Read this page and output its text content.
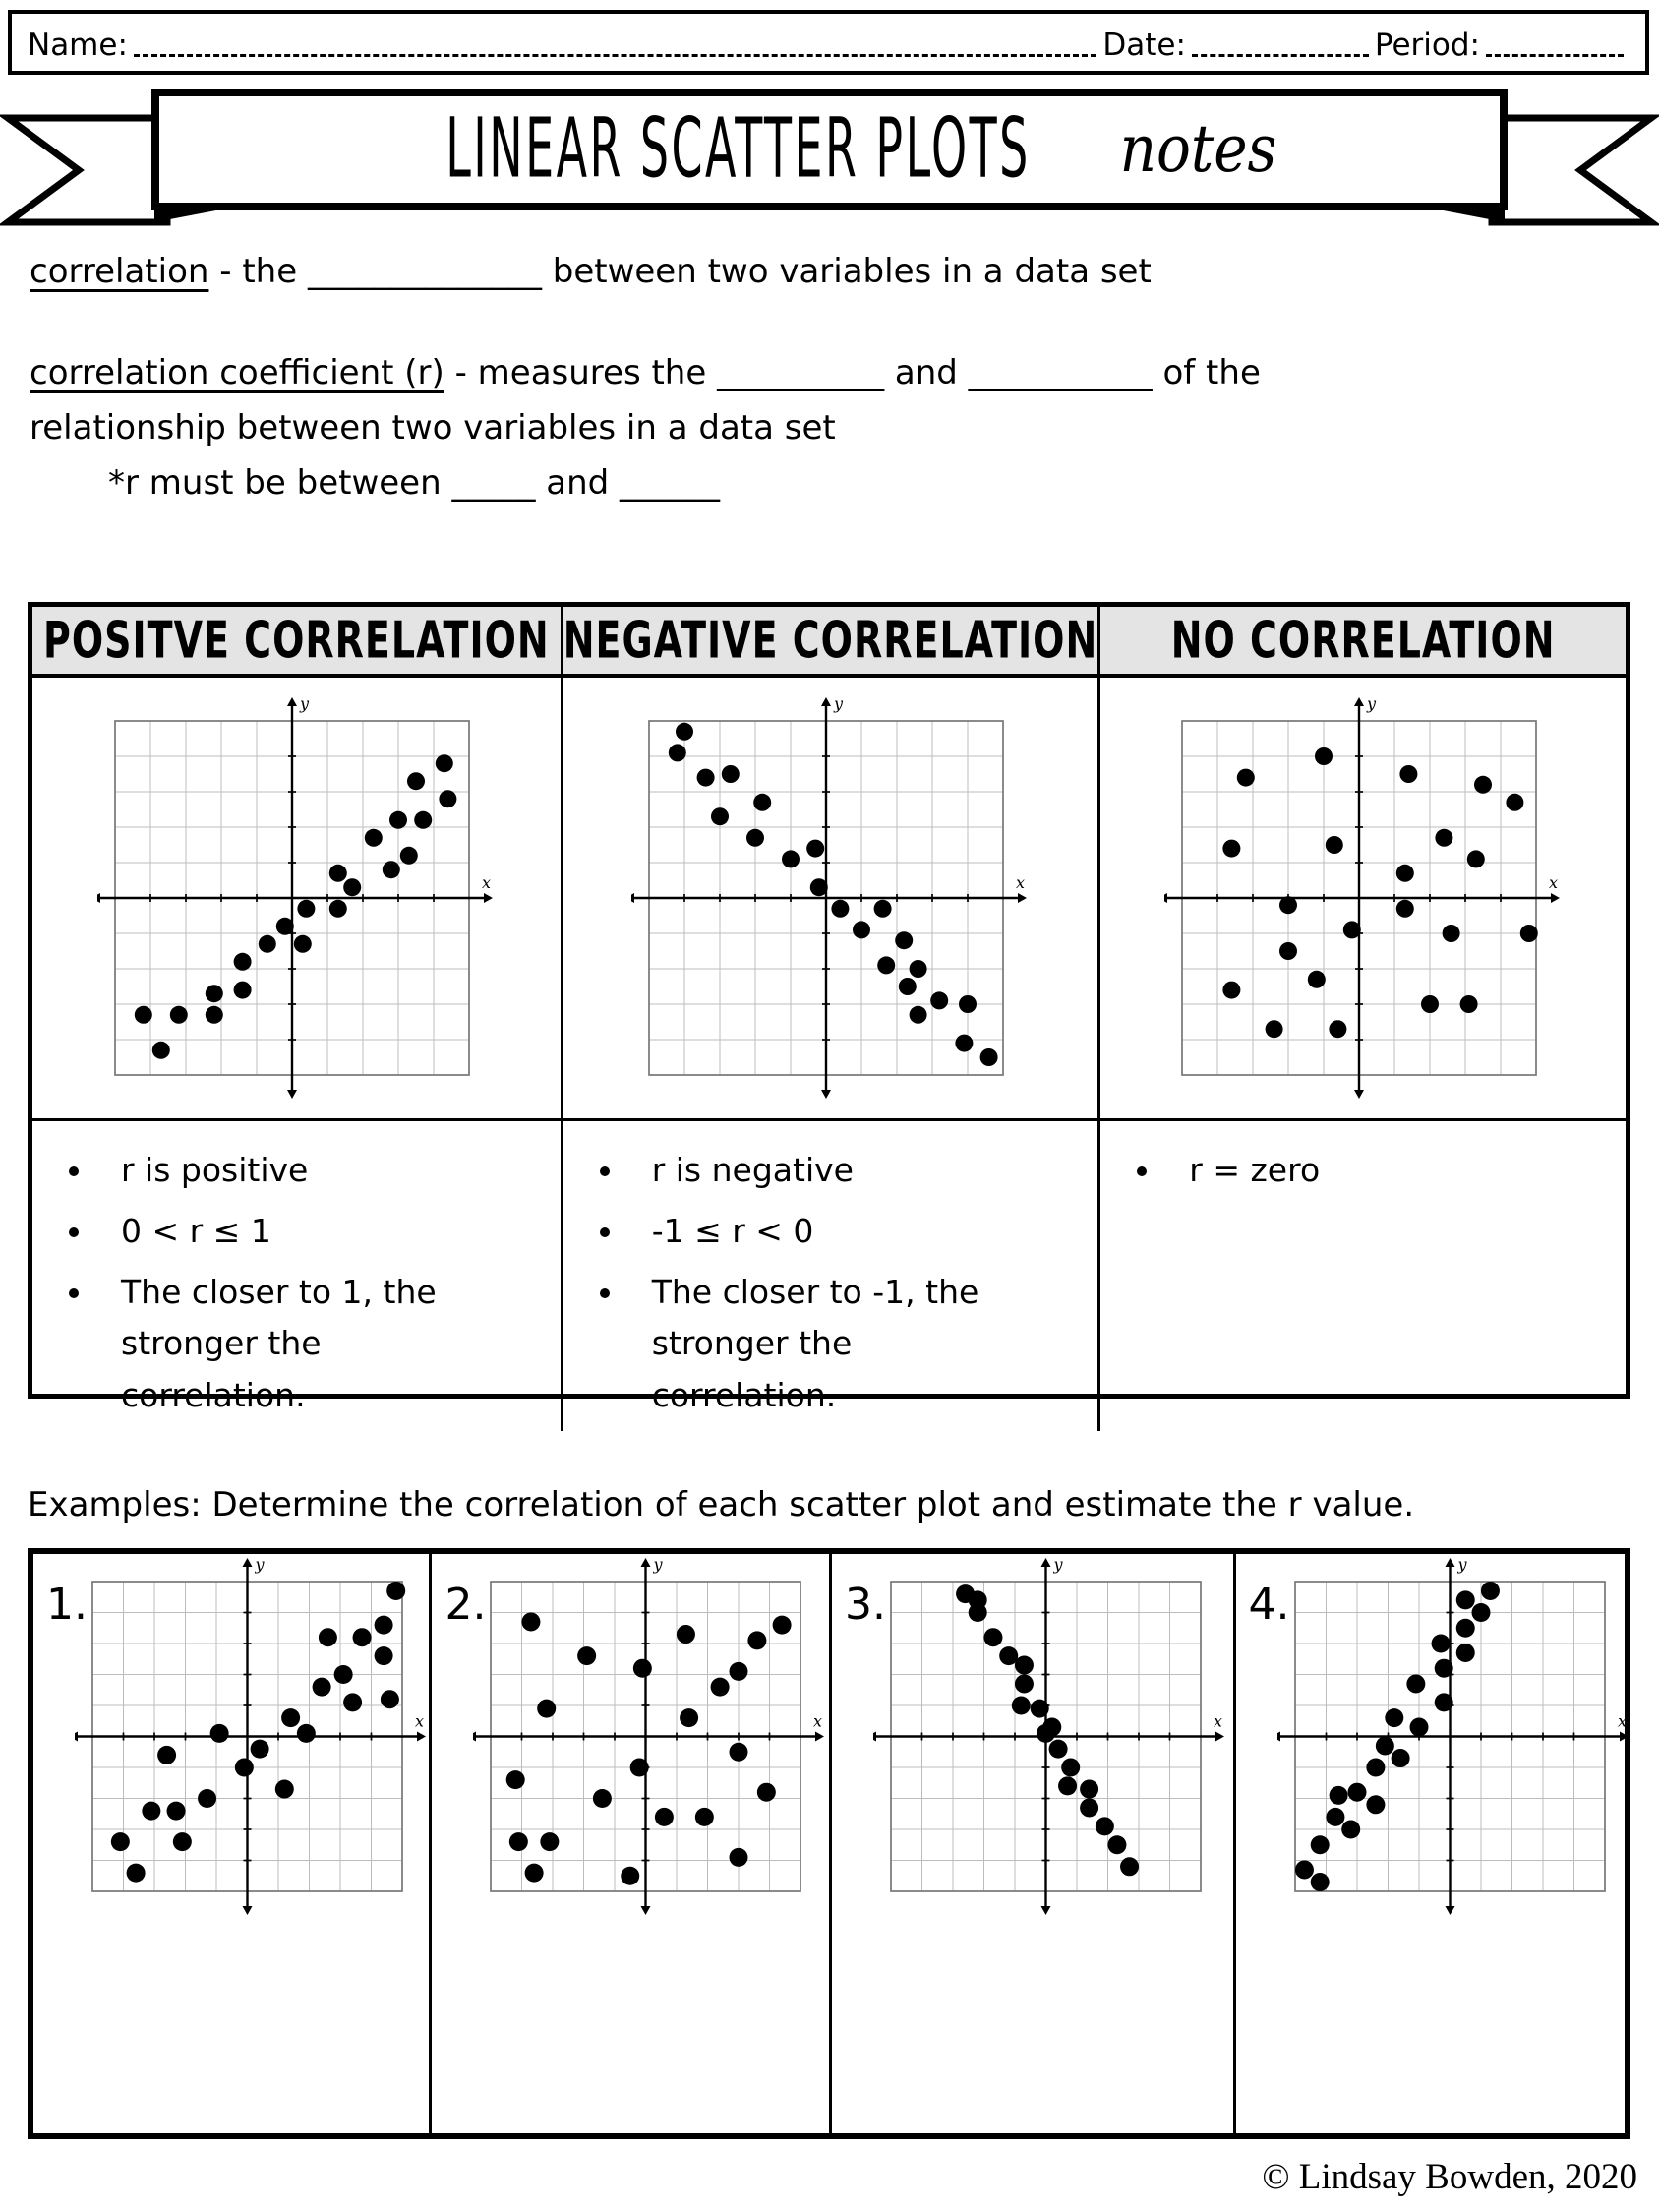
Name:	Date:	Period:
LINEAR SCATTER PLOTS notes
correlation - the ______________ between two variables in a data set
correlation coefficient (r) - measures the __________ and ___________ of the
relationship between two variables in a data set
*r must be between _____ and ______
POSITVE CORRELATION NEGATIVE CORRELATION NO CORRELATION
x
y
x
y
x
y
• r is positive
• 0 < r ≤ 1
• The closer to 1, the stronger the correlation.
• r is negative
• -1 ≤ r < 0
• The closer to -1, the stronger the correlation.
• r = zero
Examples: Determine the correlation of each scatter plot and estimate the r value.
1.
x
y
2.
x
y
3.
x
y
4.
x
y
© Lindsay Bowden, 2020
